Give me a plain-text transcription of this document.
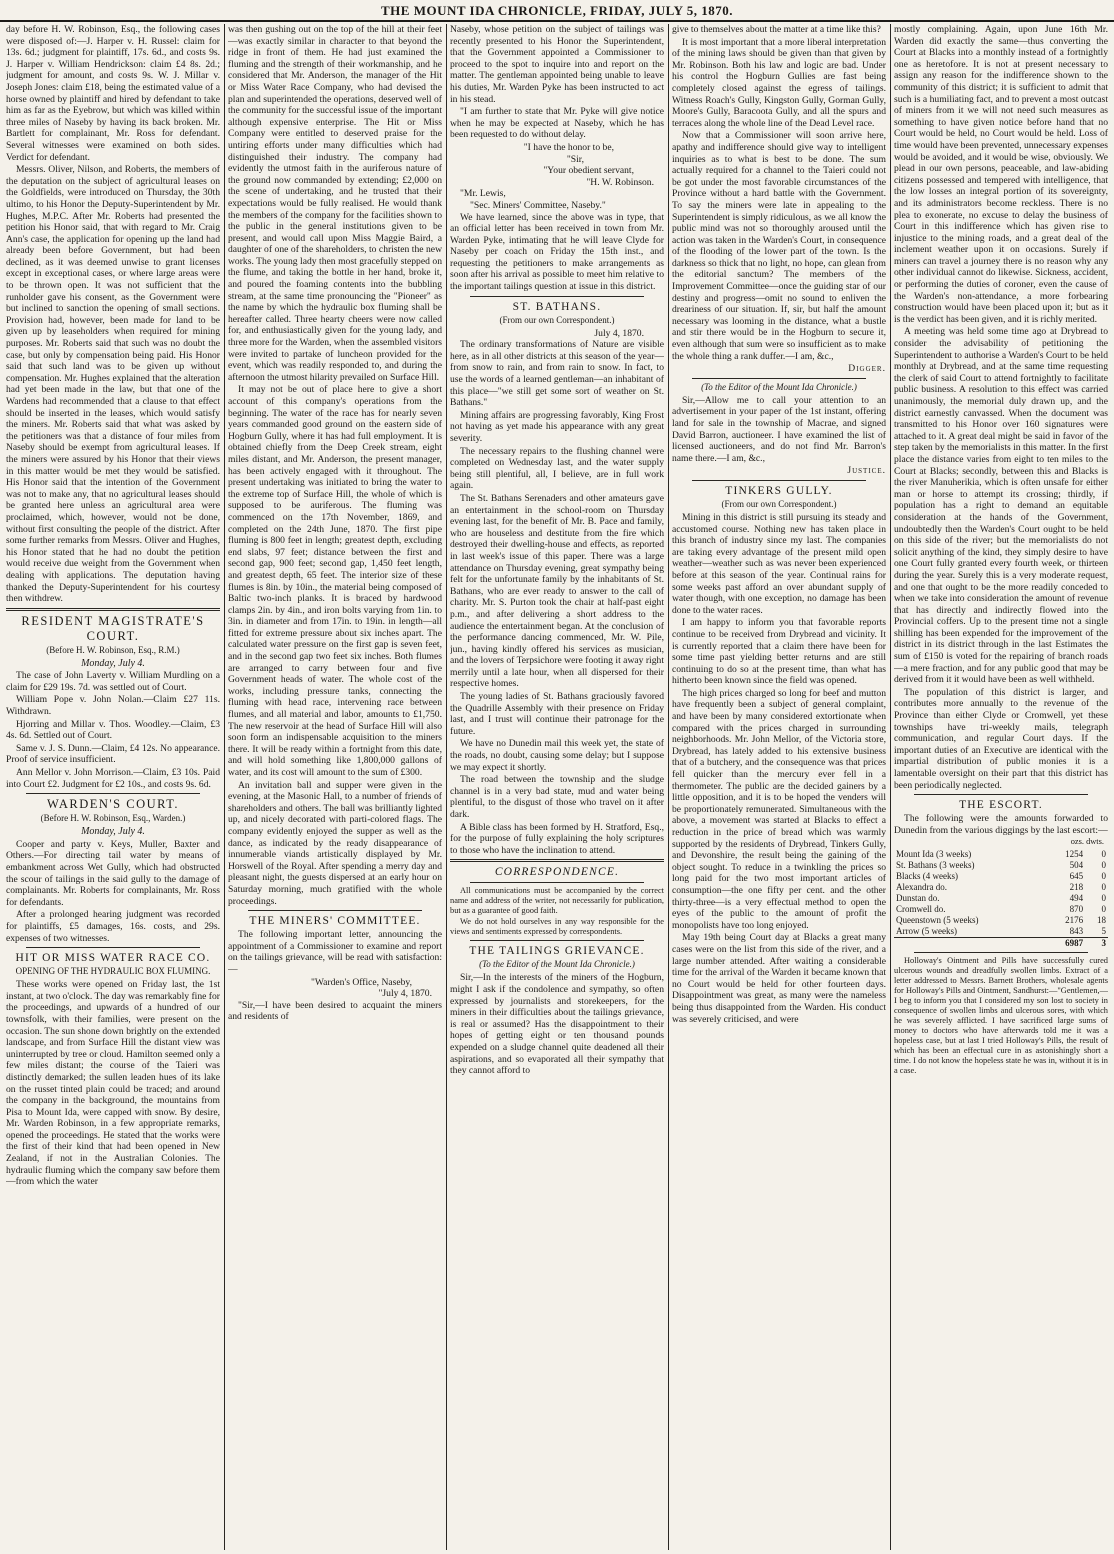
THE MOUNT IDA CHRONICLE, FRIDAY, JULY 5, 1870.

day before H. W. Robinson, Esq., the following cases were disposed of:—J. Harper v. H. Russel: claim for 13s. 6d.; judgment for plaintiff, 17s. 6d., and costs 9s. J. Harper v. William Hendrickson: claim £4 8s. 2d.; judgment for amount, and costs 9s. W. J. Millar v. Joseph Jones: claim £18, being the estimated value of a horse owned by plaintiff and hired by defendant to take him as far as the Eyebrow, but which was killed within three miles of Naseby by having its back broken. Mr. Bartlett for complainant, Mr. Ross for defendant. Several witnesses were examined on both sides. Verdict for defendant.

Messrs. Oliver, Nilson, and Roberts, the members of the deputation on the subject of agricultural leases on the Goldfields, were introduced on Thursday, the 30th ultimo, to his Honor the Deputy-Superintendent by Mr. Hughes, M.P.C. After Mr. Roberts had presented the petition his Honor said, that with regard to Mr. Craig Ann's case, the application for opening up the land had already been before Government, but had been declined, as it was deemed unwise to grant licenses except in exceptional cases, or where large areas were to be thrown open. It was not sufficient that the runholder gave his consent, as the Government were but inclined to sanction the opening of small sections. Provision had, however, been made for land to be given up by leaseholders when required for mining purposes. Mr. Roberts said that such was no doubt the case, but only by compensation being paid. His Honor said that such land was to be given up without compensation. Mr. Hughes explained that the alteration had yet been made in the law, but that one of the Wardens had recommended that a clause to that effect should be inserted in the leases, which would satisfy the miners. Mr. Roberts said that what was asked by the petitioners was that a distance of four miles from Naseby should be exempt from agricultural leases. If the miners were assured by his Honor that their views in this matter would be met they would be satisfied. His Honor said that the intention of the Government was not to make any, that no agricultural leases should be granted here unless an agricultural area were proclaimed, which, however, would not be done, without first consulting the people of the district. After some further remarks from Messrs. Oliver and Hughes, his Honor stated that he had no doubt the petition would receive due weight from the Government when dealing with applications. The deputation having thanked the Deputy-Superintendent for his courtesy then withdrew.

RESIDENT MAGISTRATE'S COURT.
(Before H. W. Robinson, Esq., R.M.)
Monday, July 4.

The case of John Laverty v. William Murdling on a claim for £29 19s. 7d. was settled out of Court.

William Pope v. John Nolan.—Claim £27 11s. Withdrawn.

Hjorring and Millar v. Thos. Woodley.—Claim, £3 4s. 6d. Settled out of Court.

Same v. J. S. Dunn.—Claim, £4 12s. No appearance. Proof of service insufficient.

Ann Mellor v. John Morrison.—Claim, £3 10s. Paid into Court £2. Judgment for £2 10s., and costs 9s. 6d.

WARDEN'S COURT.
(Before H. W. Robinson, Esq., Warden.)
Monday, July 4.

Cooper and party v. Keys, Muller, Baxter and Others.—For directing tail water by means of embankment across Wet Gully, which had obstructed the scour of tailings in the said gully to the damage of complainants. Mr. Roberts for complainants, Mr. Ross for defendants.

After a prolonged hearing judgment was recorded for plaintiffs, £5 damages, 16s. costs, and 29s. expenses of two witnesses.

HIT OR MISS WATER RACE CO.
OPENING OF THE HYDRAULIC BOX FLUMING.

These works were opened on Friday last, the 1st instant, at two o'clock. The day was remarkably fine for the proceedings, and upwards of a hundred of our townsfolk, with their families, were present on the occasion. The sun shone down brightly on the extended landscape, and from Surface Hill the distant view was uninterrupted by tree or cloud. Hamilton seemed only a few miles distant; the course of the Taieri was distinctly demarked; the sullen leaden hues of its lake on the russet tinted plain could be traced; and around the company in the background, the mountains from Pisa to Mount Ida, were capped with snow. By desire, Mr. Warden Robinson, in a few appropriate remarks, opened the proceedings. He stated that the works were the first of their kind that had been opened in New Zealand, if not in the Australian Colonies. The hydraulic fluming which the company saw before them—from which the water

was then gushing out on the top of the hill at their feet—was exactly similar in character to that beyond the ridge in front of them. He had just examined the fluming and the strength of their workmanship, and he considered that Mr. Anderson, the manager of the Hit or Miss Water Race Company, who had devised the plan and superintended the operations, deserved well of the community for the successful issue of the important although expensive enterprise. The Hit or Miss Company were entitled to deserved praise for the untiring efforts under many difficulties which had distinguished their industry. The company had evidently the utmost faith in the auriferous nature of the ground now commanded by extending; £2,000 on the scene of undertaking, and he trusted that their expectations would be fully realised. He would thank the members of the company for the facilities shown to the public in the general institutions given to be present, and would call upon Miss Maggie Baird, a daughter of one of the shareholders, to christen the new works. The young lady then most gracefully stepped on the flume, and taking the bottle in her hand, broke it, and poured the foaming contents into the bubbling stream, at the same time pronouncing the "Pioneer" as the name by which the hydraulic box fluming shall be hereafter called. Three hearty cheers were now called for, and enthusiastically given for the young lady, and three more for the Warden, when the assembled visitors were invited to partake of luncheon provided for the event, which was readily responded to, and during the afternoon the utmost hilarity prevailed on Surface Hill.

It may not be out of place here to give a short account of this company's operations from the beginning. The water of the race has for nearly seven years commanded good ground on the eastern side of Hogburn Gully, where it has had full employment. It is obtained chiefly from the Deep Creek stream, eight miles distant, and Mr. Anderson, the present manager, has been actively engaged with it throughout. The present undertaking was initiated to bring the water to the extreme top of Surface Hill, the whole of which is supposed to be auriferous. The fluming was commenced on the 17th November, 1869, and completed on the 24th June, 1870. The first pipe fluming is 800 feet in length; greatest depth, excluding end slabs, 97 feet; distance between the first and second gap, 900 feet; second gap, 1,450 feet length, and greatest depth, 65 feet. The interior size of these flumes is 8in. by 10in., the material being composed of Baltic two-inch planks. It is braced by hardwood clamps 2in. by 4in., and iron bolts varying from 1in. to 3in. in diameter and from 17in. to 19in. in length—all fitted for extreme pressure about six inches apart. The calculated water pressure on the first gap is seven feet, and in the second gap two feet six inches. Both flumes are arranged to carry between four and five Government heads of water. The whole cost of the works, including pressure tanks, connecting the fluming with head race, intervening race between flumes, and all material and labor, amounts to £1,750. The new reservoir at the head of Surface Hill will also soon form an indispensable acquisition to the miners there. It will be ready within a fortnight from this date, and will hold something like 1,800,000 gallons of water, and its cost will amount to the sum of £300.

An invitation ball and supper were given in the evening, at the Masonic Hall, to a number of friends of shareholders and others. The ball was brilliantly lighted up, and nicely decorated with parti-colored flags. The company evidently enjoyed the supper as well as the dance, as indicated by the ready disappearance of innumerable viands artistically displayed by Mr. Horswell of the Royal. After spending a merry day and pleasant night, the guests dispersed at an early hour on Saturday morning, much gratified with the whole proceedings.

THE MINERS' COMMITTEE.

The following important letter, announcing the appointment of a Commissioner to examine and report on the tailings grievance, will be read with satisfaction:—

"Warden's Office, Naseby,
"July 4, 1870.

"Sir,—I have been desired to acquaint the miners and residents of

Naseby, whose petition on the subject of tailings was recently presented to his Honor the Superintendent, that the Government appointed a Commissioner to proceed to the spot to inquire into and report on the matter. The gentleman appointed being unable to leave his duties, Mr. Warden Pyke has been instructed to act in his stead.

"I am further to state that Mr. Pyke will give notice when he may be expected at Naseby, which he has been requested to do without delay.

"I have the honor to be,
"Sir,
"Your obedient servant,
"H. W. Robinson.
"Mr. Lewis,
"Sec. Miners' Committee, Naseby."

We have learned, since the above was in type, that an official letter has been received in town from Mr. Warden Pyke, intimating that he will leave Clyde for Naseby per coach on Friday the 15th inst., and requesting the petitioners to make arrangements as soon after his arrival as possible to meet him relative to the important tailings question at issue in this district.

ST. BATHANS.
(From our own Correspondent.)
July 4, 1870.

The ordinary transformations of Nature are visible here, as in all other districts at this season of the year—from snow to rain, and from rain to snow. In fact, to use the words of a learned gentleman—an inhabitant of this place—"we still get some sort of weather on St. Bathans."

Mining affairs are progressing favorably, King Frost not having as yet made his appearance with any great severity.

The necessary repairs to the flushing channel were completed on Wednesday last, and the water supply being still plentiful, all, I believe, are in full work again.

The St. Bathans Serenaders and other amateurs gave an entertainment in the school-room on Thursday evening last, for the benefit of Mr. B. Pace and family, who are houseless and destitute from the fire which destroyed their dwelling-house and effects, as reported in last week's issue of this paper. There was a large attendance on Thursday evening, great sympathy being felt for the unfortunate family by the inhabitants of St. Bathans, who are ever ready to answer to the call of charity. Mr. S. Purton took the chair at half-past eight p.m., and after delivering a short address to the audience the entertainment began. At the conclusion of the performance dancing commenced, Mr. W. Pile, jun., having kindly offered his services as musician, and the lovers of Terpsichore were footing it away right merrily until a late hour, when all dispersed for their respective homes.

The young ladies of St. Bathans graciously favored the Quadrille Assembly with their presence on Friday last, and I trust will continue their patronage for the future.

We have no Dunedin mail this week yet, the state of the roads, no doubt, causing some delay; but I suppose we may expect it shortly.

The road between the township and the sludge channel is in a very bad state, mud and water being plentiful, to the disgust of those who travel on it after dark.

A Bible class has been formed by H. Stratford, Esq., for the purpose of fully explaining the holy scriptures to those who have the inclination to attend.

CORRESPONDENCE.

All communications must be accompanied by the correct name and address of the writer, not necessarily for publication, but as a guarantee of good faith.

We do not hold ourselves in any way responsible for the views and sentiments expressed by correspondents.

THE TAILINGS GRIEVANCE.
(To the Editor of the Mount Ida Chronicle.)

Sir,—In the interests of the miners of the Hogburn, might I ask if the condolence and sympathy, so often expressed by journalists and storekeepers, for the miners in their difficulties about the tailings grievance, is real or assumed? Has the disappointment to their hopes of getting eight or ten thousand pounds expended on a sludge channel quite deadened all their aspirations, and so evaporated all their sympathy that they cannot afford to

give to themselves about the matter at a time like this?

It is most important that a more liberal interpretation of the mining laws should be given than that given by Mr. Robinson. Both his law and logic are bad. Under his control the Hogburn Gullies are fast being completely closed against the egress of tailings. Witness Roach's Gully, Kingston Gully, Gorman Gully, Moore's Gully, Baracoota Gully, and all the spurs and terraces along the whole line of the Dead Level race.

Now that a Commissioner will soon arrive here, apathy and indifference should give way to intelligent inquiries as to what is best to be done. The sum actually required for a channel to the Taieri could not be got under the most favorable circumstances of the Province without a hard battle with the Government. To say the miners were late in appealing to the Superintendent is simply ridiculous, as we all know the public mind was not so thoroughly aroused until the action was taken in the Warden's Court, in consequence of the flooding of the lower part of the town. Is the darkness so thick that no light, no hope, can glean from the editorial sanctum? The members of the Improvement Committee—once the guiding star of our destiny and progress—omit no sound to enliven the dreariness of our situation. If, sir, but half the amount necessary was looming in the distance, what a bustle and stir there would be in the Hogburn to secure it, even although that sum were so insufficient as to make the whole thing a rank duffer.—I am, &c.,

Digger.
(To the Editor of the Mount Ida Chronicle.)

Sir,—Allow me to call your attention to an advertisement in your paper of the 1st instant, offering land for sale in the township of Macrae, and signed David Barron, auctioneer. I have examined the list of licensed auctioneers, and do not find Mr. Barron's name there.—I am, &c.,

Justice.
TINKERS GULLY.
(From our own Correspondent.)

Mining in this district is still pursuing its steady and accustomed course. Nothing new has taken place in this branch of industry since my last. The companies are taking every advantage of the present mild open weather—weather such as was never been experienced before at this season of the year. Continual rains for some weeks past afford an over abundant supply of water though, with one exception, no damage has been done to the water races.

I am happy to inform you that favorable reports continue to be received from Drybread and vicinity. It is currently reported that a claim there have been for some time past yielding better returns and are still continuing to do so at the present time, than what has hitherto been known since the field was opened.

The high prices charged so long for beef and mutton have frequently been a subject of general complaint, and have been by many considered extortionate when compared with the prices charged in surrounding neighborhoods. Mr. John Mellor, of the Victoria store, Drybread, has lately added to his extensive business that of a butchery, and the consequence was that prices fell quicker than the mercury ever fell in a thermometer. The public are the decided gainers by a little opposition, and it is to be hoped the venders will be proportionately remunerated. Simultaneous with the above, a movement was started at Blacks to effect a reduction in the price of bread which was warmly supported by the residents of Drybread, Tinkers Gully, and Devonshire, the result being the gaining of the object sought. To reduce in a twinkling the prices so long paid for the two most important articles of consumption—the one fifty per cent. and the other thirty-three—is a very effectual method to open the eyes of the public to the amount of profit the monopolists have too long enjoyed.

May 19th being Court day at Blacks a great many cases were on the list from this side of the river, and a large number attended. After waiting a considerable time for the arrival of the Warden it became known that no Court would be held for other fourteen days. Disappointment was great, as many were the nameless being thus disappointed from the Warden. His conduct was severely criticised, and were

mostly complaining. Again, upon June 16th Mr. Warden did exactly the same—thus converting the Court at Blacks into a monthly instead of a fortnightly one as heretofore. It is not at present necessary to assign any reason for the indifference shown to the community of this district; it is sufficient to admit that such is a humiliating fact, and to prevent a most outcast of miners from it we will not need such measures as something to have given notice before hand that no Court would be held, no Court would be held. Loss of time would have been prevented, unnecessary expenses would be avoided, and it would be wise, obviously. We plead in our own persons, peaceable, and law-abiding citizens possessed and tempered with intelligence, that the low losses an integral portion of its sovereignty, and its administrators become reckless. There is no plea to exonerate, no excuse to delay the business of Court in this indifference which has given rise to injustice to the mining roads, and a great deal of the inclement weather upon it on occasions. Surely if miners can travel a journey there is no reason why any other individual cannot do likewise. Sickness, accident, or performing the duties of coroner, even the cause of the Warden's non-attendance, a more forbearing construction would have been placed upon it; but as it is the verdict has been given, and it is richly merited.

A meeting was held some time ago at Drybread to consider the advisability of petitioning the Superintendent to authorise a Warden's Court to be held monthly at Drybread, and at the same time requesting the clerk of said Court to attend fortnightly to facilitate public business. A resolution to this effect was carried unanimously, the memorial duly drawn up, and the district earnestly canvassed. When the document was transmitted to his Honor over 160 signatures were attached to it. A great deal might be said in favor of the step taken by the memorialists in this matter. In the first place the distance varies from eight to ten miles to the Court at Blacks; secondly, between this and Blacks is the river Manuherikia, which is often unsafe for either man or horse to attempt its crossing; thirdly, if population has a right to demand an equitable consideration at the hands of the Government, undoubtedly then the Warden's Court ought to be held on this side of the river; but the memorialists do not solicit anything of the kind, they simply desire to have one Court fully granted every fourth week, or thirteen during the year. Surely this is a very moderate request, and one that ought to be the more readily conceded to when we take into consideration the amount of revenue that has directly and indirectly flowed into the Provincial coffers. Up to the present time not a single shilling has been expended for the improvement of the district in its district through in the last Estimates the sum of £150 is voted for the repairing of branch roads—a mere fraction, and for any public good that may be derived from it it would have been as well withheld.

The population of this district is larger, and contributes more annually to the revenue of the Province than either Clyde or Cromwell, yet these townships have tri-weekly mails, telegraph communication, and regular Court days. If the important duties of an Executive are identical with the impartial distribution of public monies it is a lamentable oversight on their part that this district has been periodically neglected.

THE ESCORT.

The following were the amounts forwarded to Dunedin from the various diggings by the last escort:—

ozs. dwts.
Mount Ida (3 weeks)	1254	0
St. Bathans (3 weeks)	504	0
Blacks (4 weeks)	645	0
Alexandra do.	218	0
Dunstan do.	494	0
Cromwell do.	870	0
Queenstown (5 weeks)	2176	18
Arrow (5 weeks)	843	5
	6987	3

Holloway's Ointment and Pills have successfully cured ulcerous wounds and dreadfully swollen limbs. Extract of a letter addressed to Messrs. Barnett Brothers, wholesale agents for Holloway's Pills and Ointment, Sandhurst:—"Gentlemen,—I beg to inform you that I considered my son lost to society in consequence of swollen limbs and ulcerous sores, with which he was severely afflicted. I have sacrificed large sums of money to doctors who have afterwards told me it was a hopeless case, but at last I tried Holloway's Pills, the result of which has been an effectual cure in as astonishingly short a time. I do not know the hopeless state he was in, without it is in a case.
